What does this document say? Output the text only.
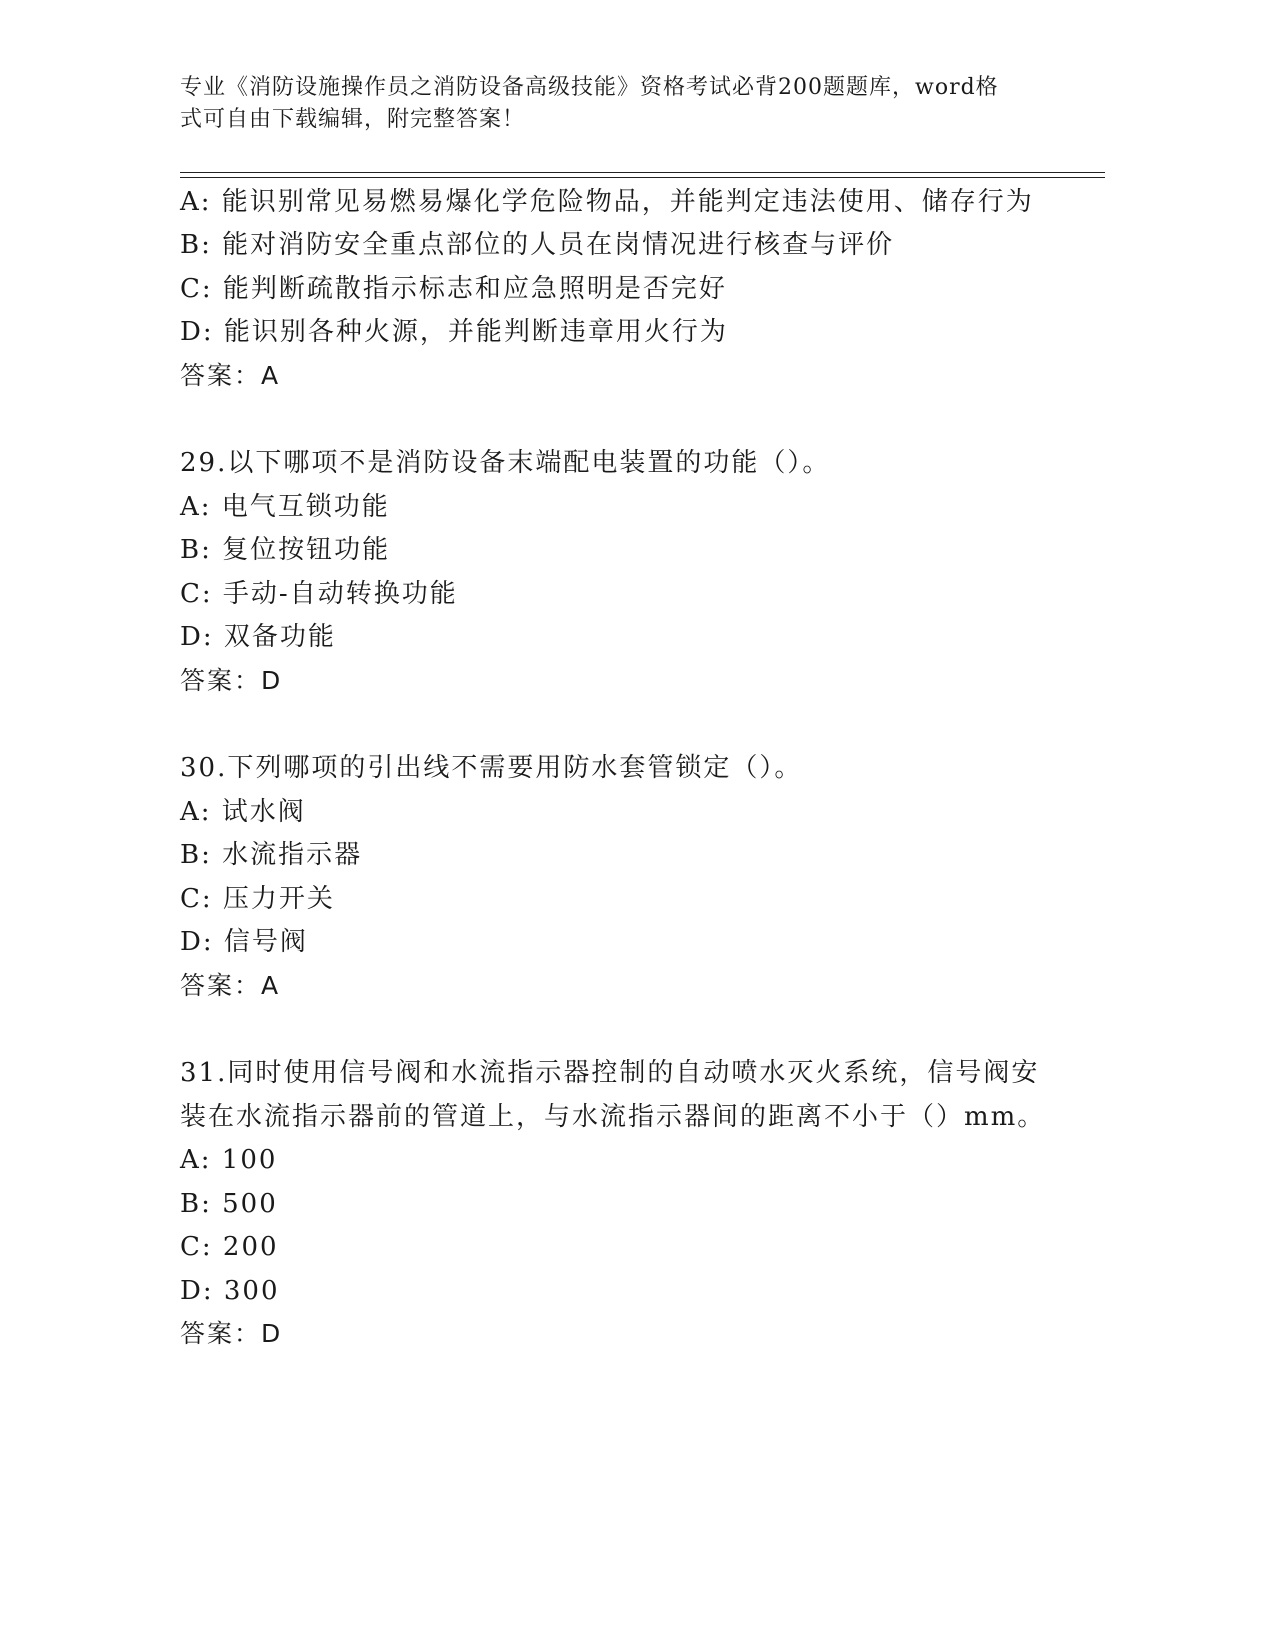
专业《消防设施操作员之消防设备高级技能》资格考试必背200题题库，word格
式可自由下载编辑，附完整答案！
A: 能识别常见易燃易爆化学危险物品，并能判定违法使用、储存行为
B: 能对消防安全重点部位的人员在岗情况进行核查与评价
C: 能判断疏散指示标志和应急照明是否完好
D: 能识别各种火源，并能判断违章用火行为
答案：A
29.以下哪项不是消防设备末端配电装置的功能（）。
A: 电气互锁功能
B: 复位按钮功能
C: 手动-自动转换功能
D: 双备功能
答案：D
30.下列哪项的引出线不需要用防水套管锁定（）。
A: 试水阀
B: 水流指示器
C: 压力开关
D: 信号阀
答案：A
31.同时使用信号阀和水流指示器控制的自动喷水灭火系统，信号阀安
装在水流指示器前的管道上，与水流指示器间的距离不小于（）mm。
A: 100
B: 500
C: 200
D: 300
答案：D
